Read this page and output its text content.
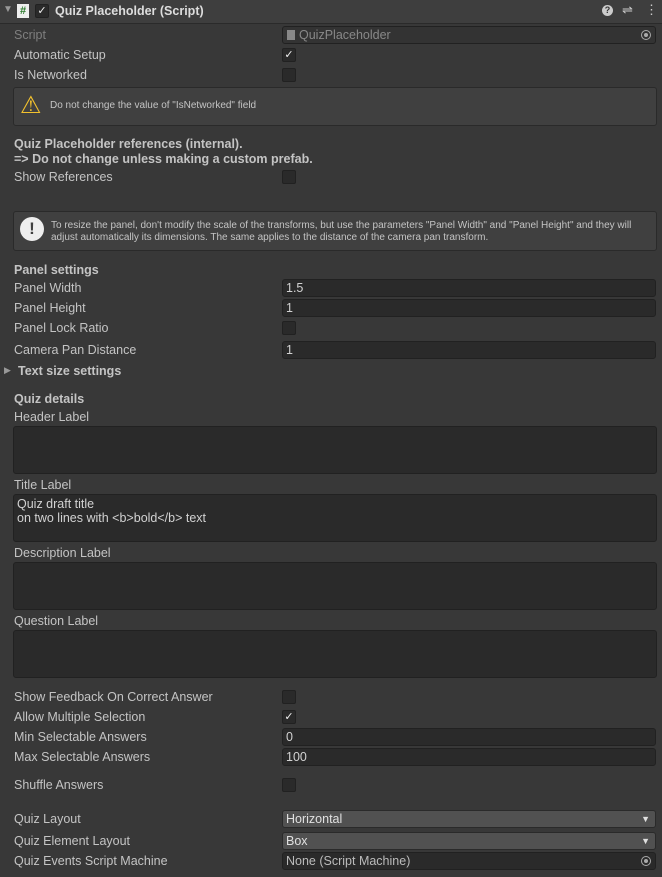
▼ # ✓ Quiz Placeholder (Script)	? ⇌ ⋮
Script	QuizPlaceholder
Automatic Setup	✓
Is Networked
⚠ Do not change the value of "IsNetworked" field
Quiz Placeholder references (internal).
=> Do not change unless making a custom prefab.
Show References
!	To resize the panel, don't modify the scale of the transforms, but use the parameters "Panel Width" and "Panel Height" and they will adjust automatically its dimensions. The same applies to the distance of the camera pan transform.
Panel settings
Panel Width	1.5
Panel Height	1
Panel Lock Ratio
Camera Pan Distance	1
▶ Text size settings
Quiz details
Header Label
Title Label
Quiz draft title
on two lines with <b>bold</b> text
Description Label
Question Label
Show Feedback On Correct Answer
Allow Multiple Selection	✓
Min Selectable Answers	0
Max Selectable Answers	100
Shuffle Answers
Quiz Layout	Horizontal	▼
Quiz Element Layout	Box	▼
Quiz Events Script Machine	None (Script Machine)
